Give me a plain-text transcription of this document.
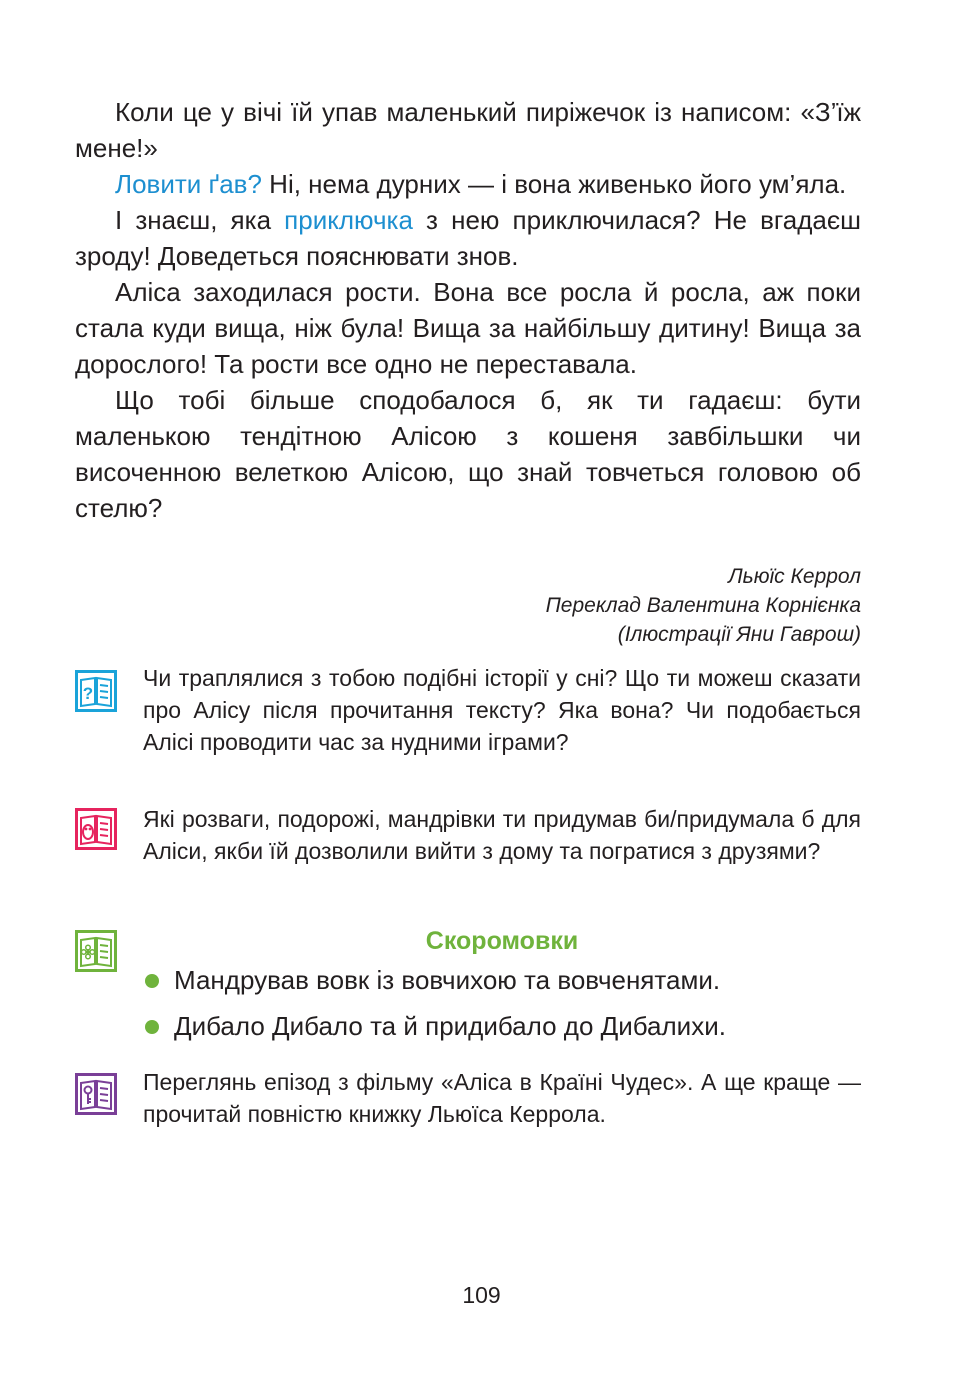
Коли це у вічі їй упав маленький пиріжечок із написом: «З’їж мене!»

Ловити ґав? Ні, нема дурних — і вона живенько його ум’яла.

І знаєш, яка приключка з нею приключилася? Не вгадаєш зроду! Доведеться пояснювати знов.

Аліса заходилася рости. Вона все росла й росла, аж поки стала куди вища, ніж була! Вища за найбільшу дитину! Вища за дорослого! Та рости все одно не переставала.

Що тобі більше сподобалося б, як ти гадаєш: бути маленькою тендітною Алісою з кошеня завбільшки чи височенною велеткою Алісою, що знай товчеться головою об стелю?

Льюїс Керрол
Переклад Валентина Корнієнка
(Ілюстрації Яни Гаврош)
?
Чи траплялися з тобою подібні історії у сні? Що ти можеш сказати про Алісу після прочитання тексту? Яка вона? Чи подобається Алісі проводити час за нудними іграми?
Які розваги, подорожі, мандрівки ти придумав би/придумала б для Аліси, якби їй дозволили вийти з дому та погратися з друзями?
Скоромовки
Мандрував вовк із вовчихою та вовченятами.
Дибало Дибало та й придибало до Дибалихи.
Переглянь епізод з фільму «Аліса в Країні Чудес». А ще краще — прочитай повністю книжку Льюїса Керрола.
109
